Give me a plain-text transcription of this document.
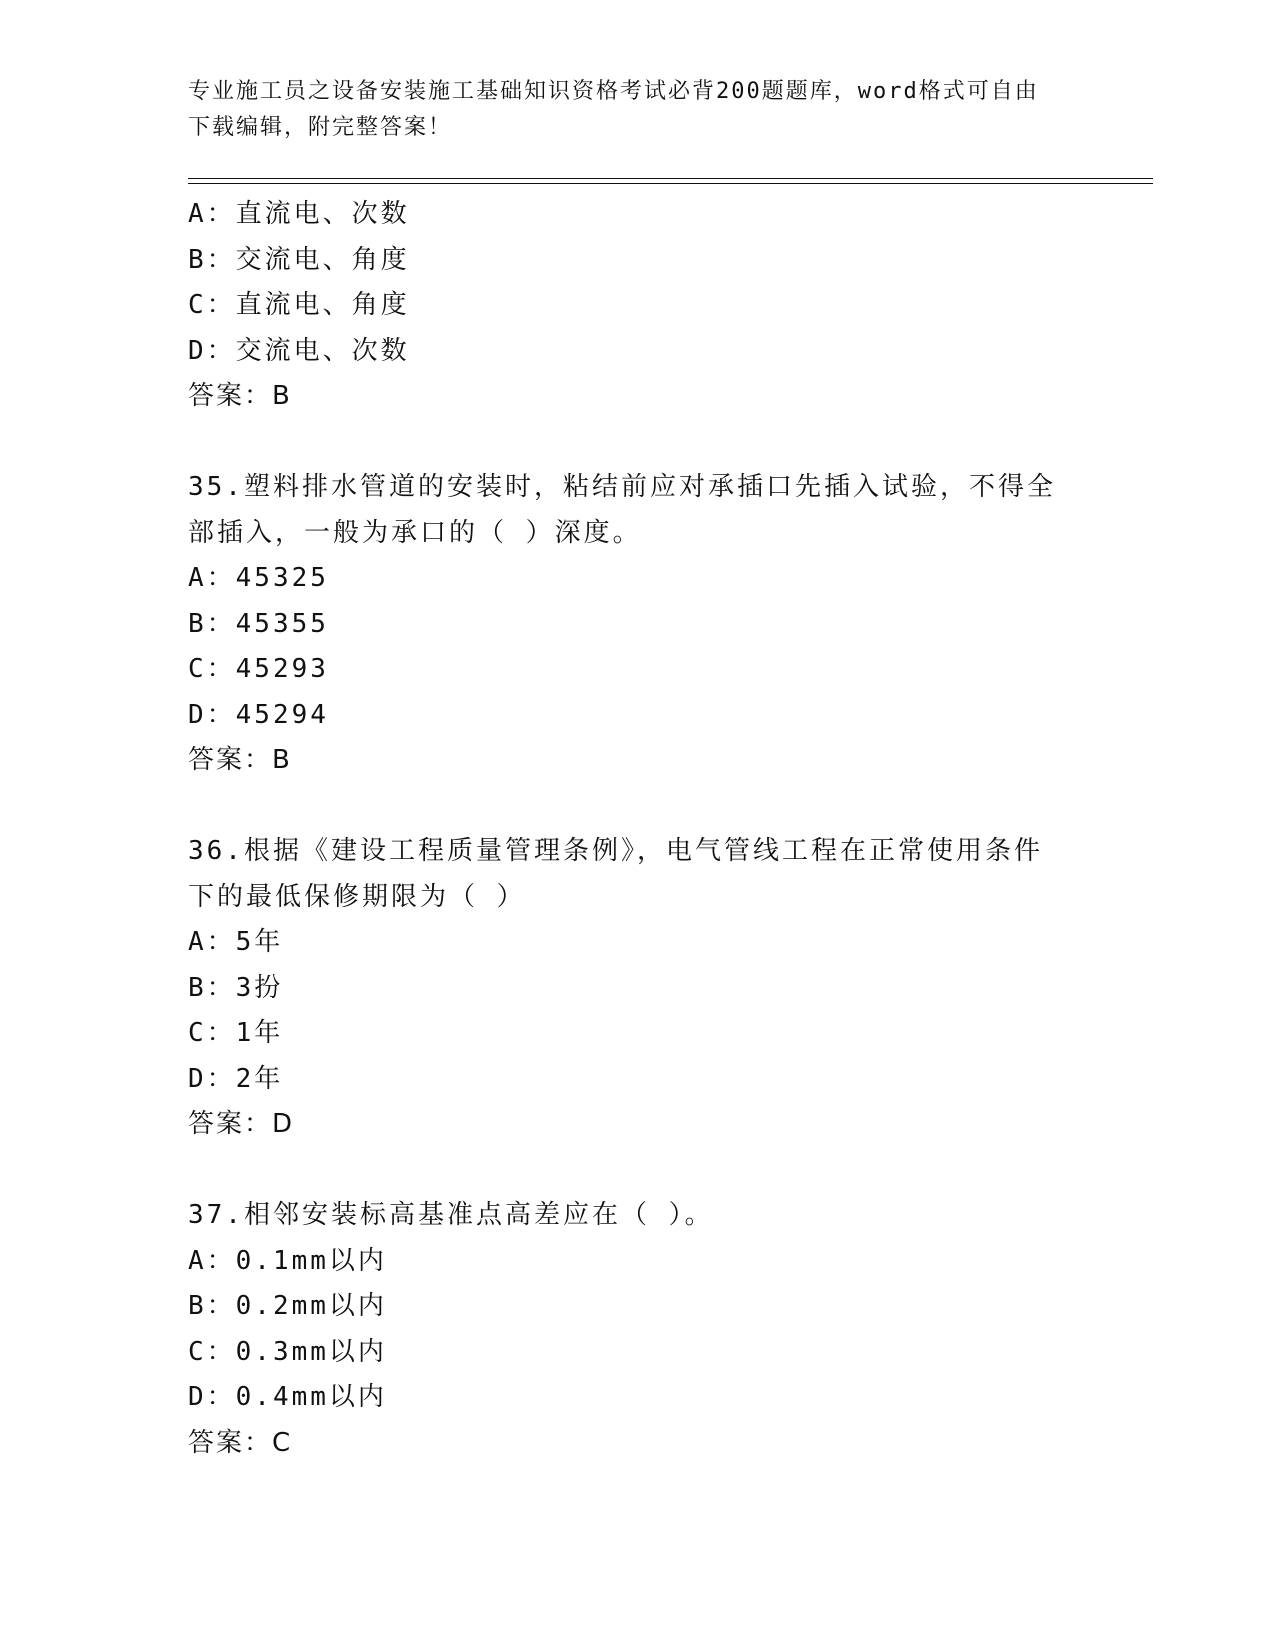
专业施工员之设备安装施工基础知识资格考试必背200题题库，word格式可自由
下载编辑，附完整答案！
A：直流电、次数
B：交流电、角度
C：直流电、角度
D：交流电、次数
答案：B
35.塑料排水管道的安装时，粘结前应对承插口先插入试验，不得全部插入，一般为承口的（ ）深度。
A：45325
B：45355
C：45293
D：45294
答案：B
36.根据《建设工程质量管理条例》，电气管线工程在正常使用条件下的最低保修期限为（ ）
A：5年
B：3扮
C：1年
D：2年
答案：D
37.相邻安装标高基准点高差应在（ ）。
A：0.1mm以内
B：0.2mm以内
C：0.3mm以内
D：0.4mm以内
答案：C
